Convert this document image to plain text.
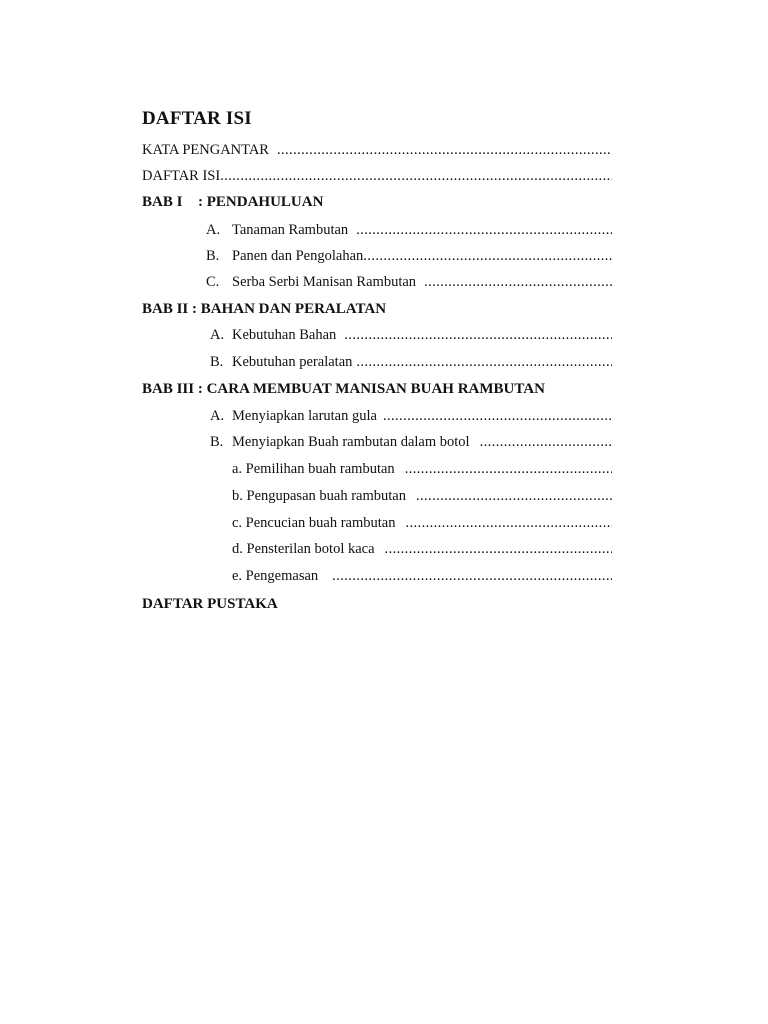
DAFTAR ISI
KATA PENGANTAR
.....
DAFTAR ISI
.....
BAB I : PENDAHULUAN
A. Tanaman Rambutan
.....
B. Panen dan Pengolahan
.....
C. Serba Serbi Manisan Rambutan
.....
BAB II : BAHAN DAN PERALATAN
A. Kebutuhan Bahan
.....
B. Kebutuhan peralatan
.....
BAB III : CARA MEMBUAT MANISAN BUAH RAMBUTAN
A. Menyiapkan larutan gula
.....
B. Menyiapkan Buah rambutan dalam botol
.....
a. Pemilihan buah rambutan
.....
b. Pengupasan buah rambutan
.....
c. Pencucian buah rambutan
.....
d. Pensterilan botol kaca
.....
e. Pengemasan
.....
DAFTAR PUSTAKA
